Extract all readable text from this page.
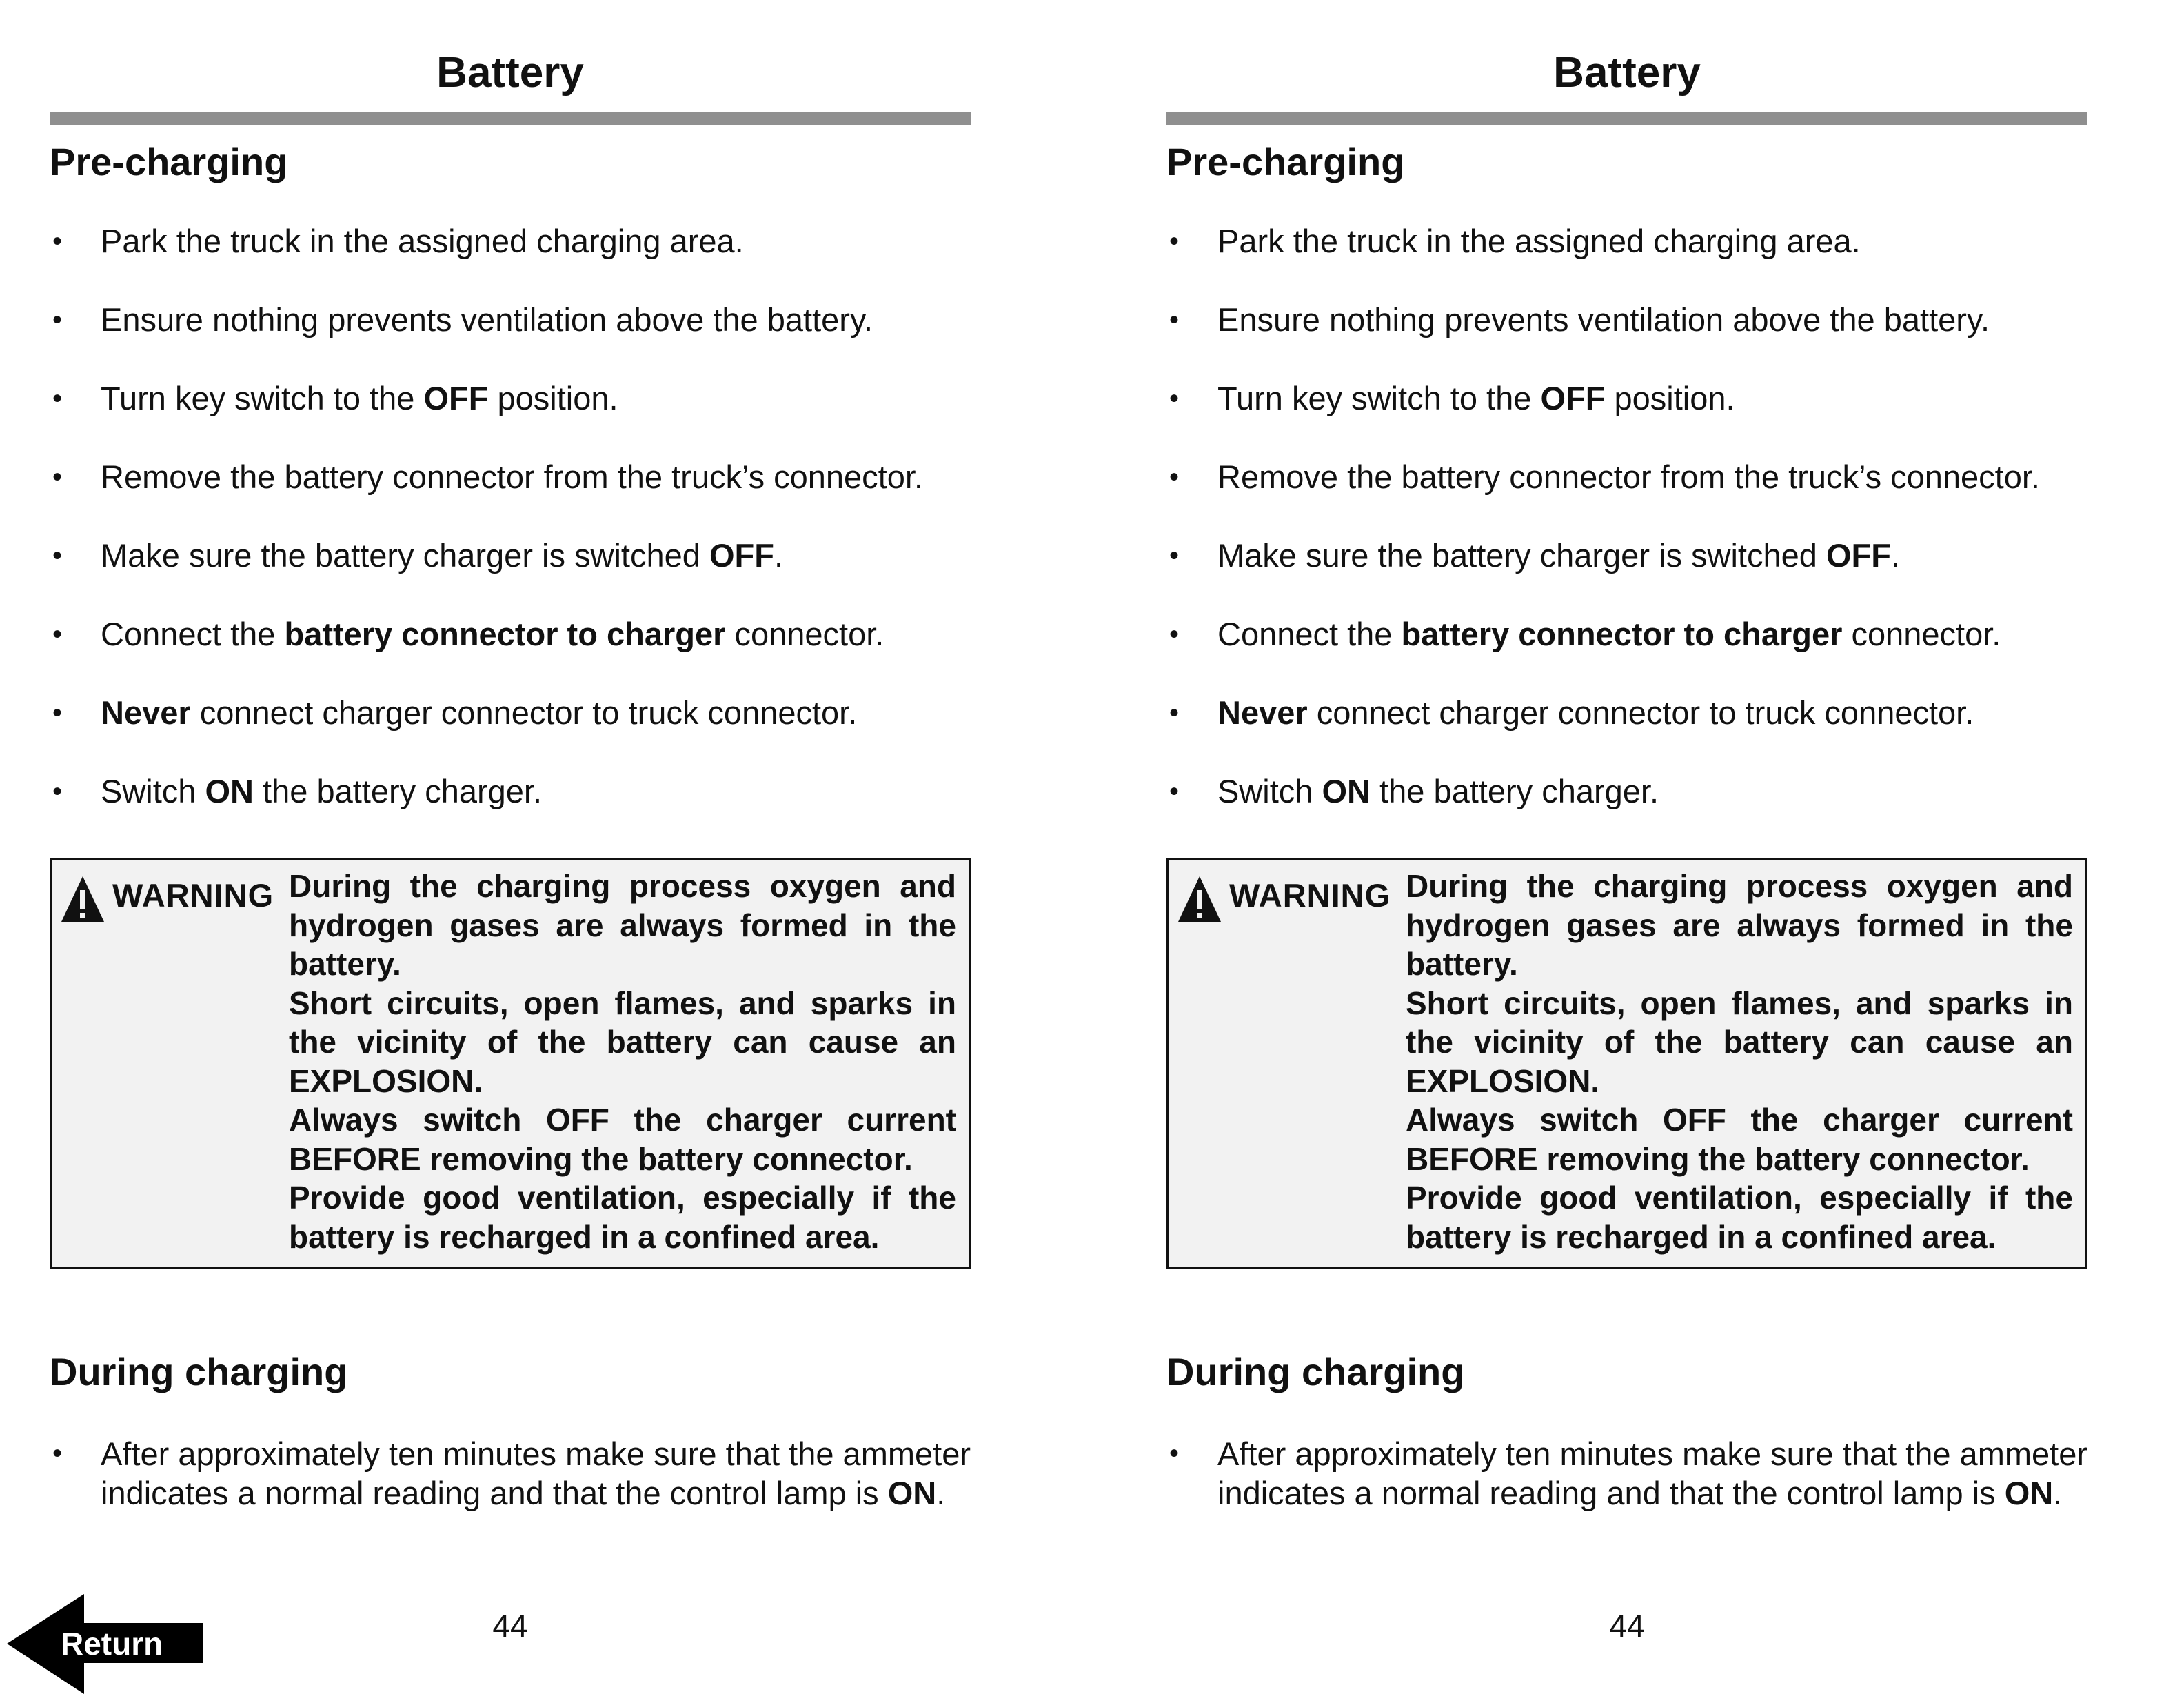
Battery
Pre-charging
• Park the truck in the assigned charging area.
• Ensure nothing prevents ventilation above the battery.
• Turn key switch to the OFF position.
• Remove the battery connector from the truck’s connector.
• Make sure the battery charger is switched OFF.
• Connect the battery connector to charger connector.
• Never connect charger connector to truck connector.
• Switch ON the battery charger.
WARNING During the charging process oxygen and hydrogen gases are always formed in the battery.

Short circuits, open flames, and sparks in the vicinity of the battery can cause an EXPLOSION.

Always switch OFF the charger current BEFORE removing the battery connector.

Provide good ventilation, especially if the battery is recharged in a confined area.

During charging
• After approximately ten minutes make sure that the ammeter indicates a normal reading and that the control lamp is ON.
44
Battery
Pre-charging
• Park the truck in the assigned charging area.
• Ensure nothing prevents ventilation above the battery.
• Turn key switch to the OFF position.
• Remove the battery connector from the truck’s connector.
• Make sure the battery charger is switched OFF.
• Connect the battery connector to charger connector.
• Never connect charger connector to truck connector.
• Switch ON the battery charger.
WARNING During the charging process oxygen and hydrogen gases are always formed in the battery.

Short circuits, open flames, and sparks in the vicinity of the battery can cause an EXPLOSION.

Always switch OFF the charger current BEFORE removing the battery connector.

Provide good ventilation, especially if the battery is recharged in a confined area.

During charging
• After approximately ten minutes make sure that the ammeter indicates a normal reading and that the control lamp is ON.
44
Return
